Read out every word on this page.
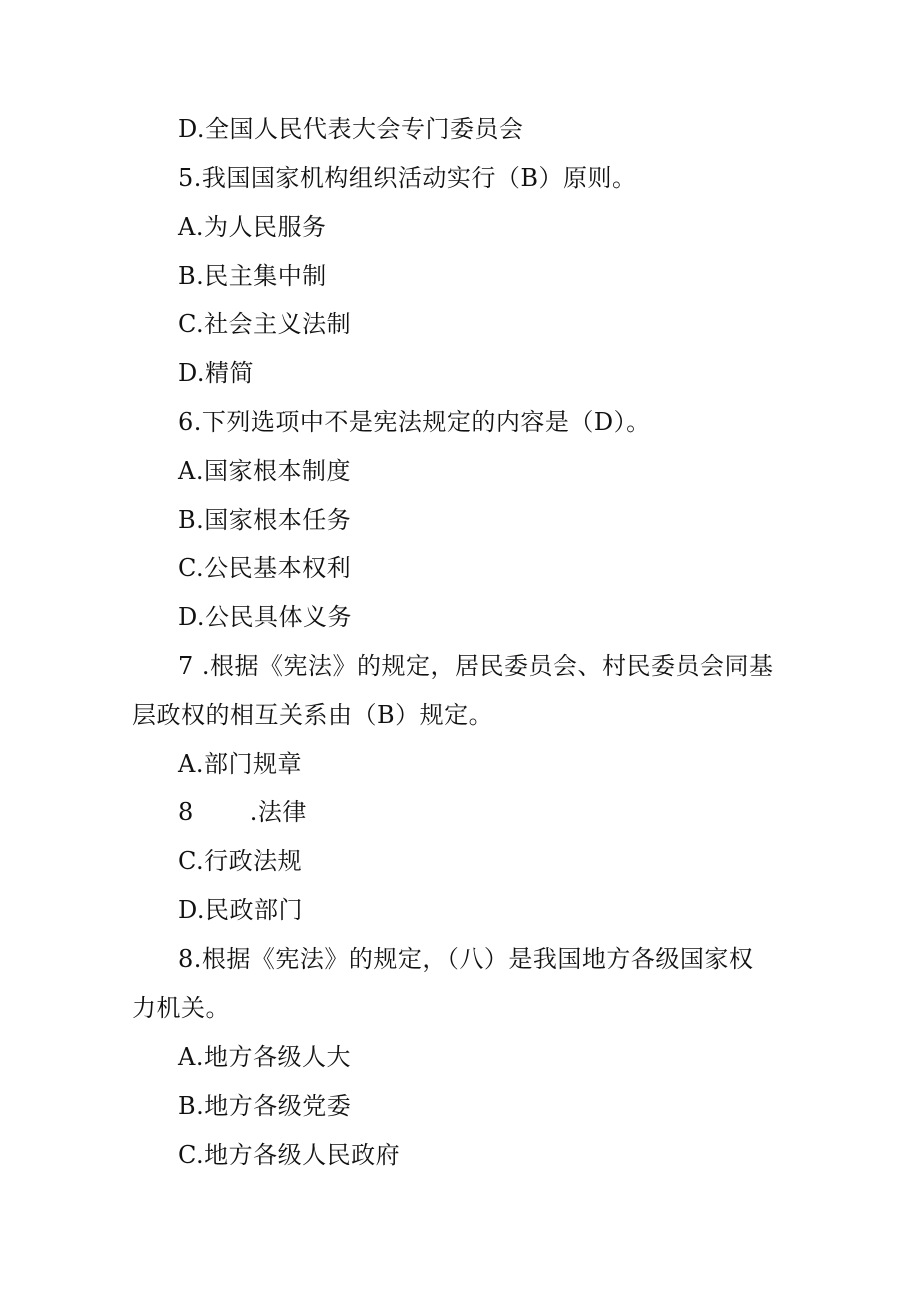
D.全国人民代表大会专门委员会
5.我国国家机构组织活动实行（B）原则。
A.为人民服务
B.民主集中制
C.社会主义法制
D.精简
6.下列选项中不是宪法规定的内容是（D）。
A.国家根本制度
B.国家根本任务
C.公民基本权利
D.公民具体义务
7 .根据《宪法》的规定，居民委员会、村民委员会同基
层政权的相互关系由（B）规定。
A.部门规章
8 .法律
C.行政法规
D.民政部门
8.根据《宪法》的规定，（八）是我国地方各级国家权
力机关。
A.地方各级人大
B.地方各级党委
C.地方各级人民政府
